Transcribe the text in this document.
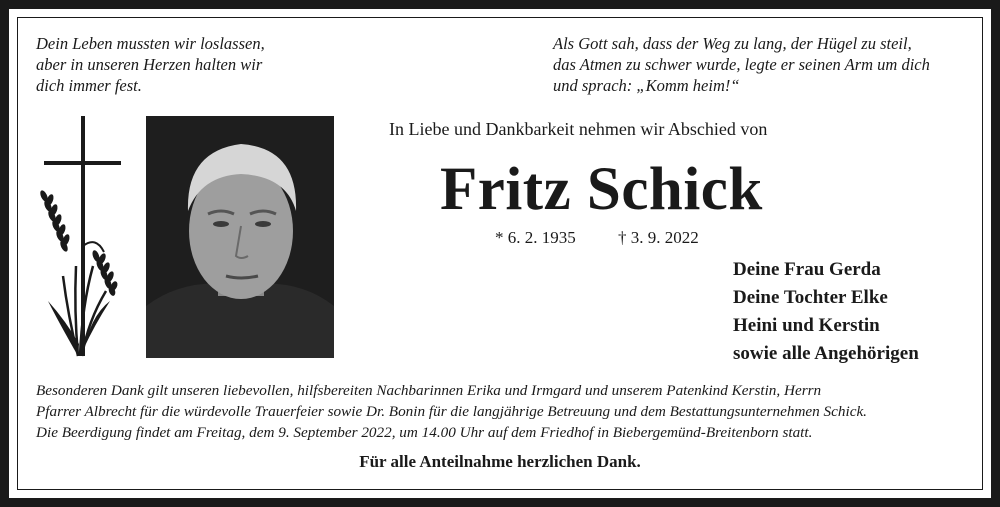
Dein Leben mussten wir loslassen,
aber in unseren Herzen halten wir
dich immer fest.
Als Gott sah, dass der Weg zu lang, der Hügel zu steil,
das Atmen zu schwer wurde, legte er seinen Arm um dich
und sprach: „Komm heim!“
In Liebe und Dankbarkeit nehmen wir Abschied von
Fritz Schick
* 6. 2. 1935 † 3. 9. 2022
Deine Frau Gerda
Deine Tochter Elke
Heini und Kerstin
sowie alle Angehörigen
Besonderen Dank gilt unseren liebevollen, hilfsbereiten Nachbarinnen Erika und Irmgard und unserem Patenkind Kerstin, Herrn
Pfarrer Albrecht für die würdevolle Trauerfeier sowie Dr. Bonin für die langjährige Betreuung und dem Bestattungsunternehmen Schick.
Die Beerdigung findet am Freitag, dem 9. September 2022, um 14.00 Uhr auf dem Friedhof in Biebergemünd-Breitenborn statt.
Für alle Anteilnahme herzlichen Dank.
